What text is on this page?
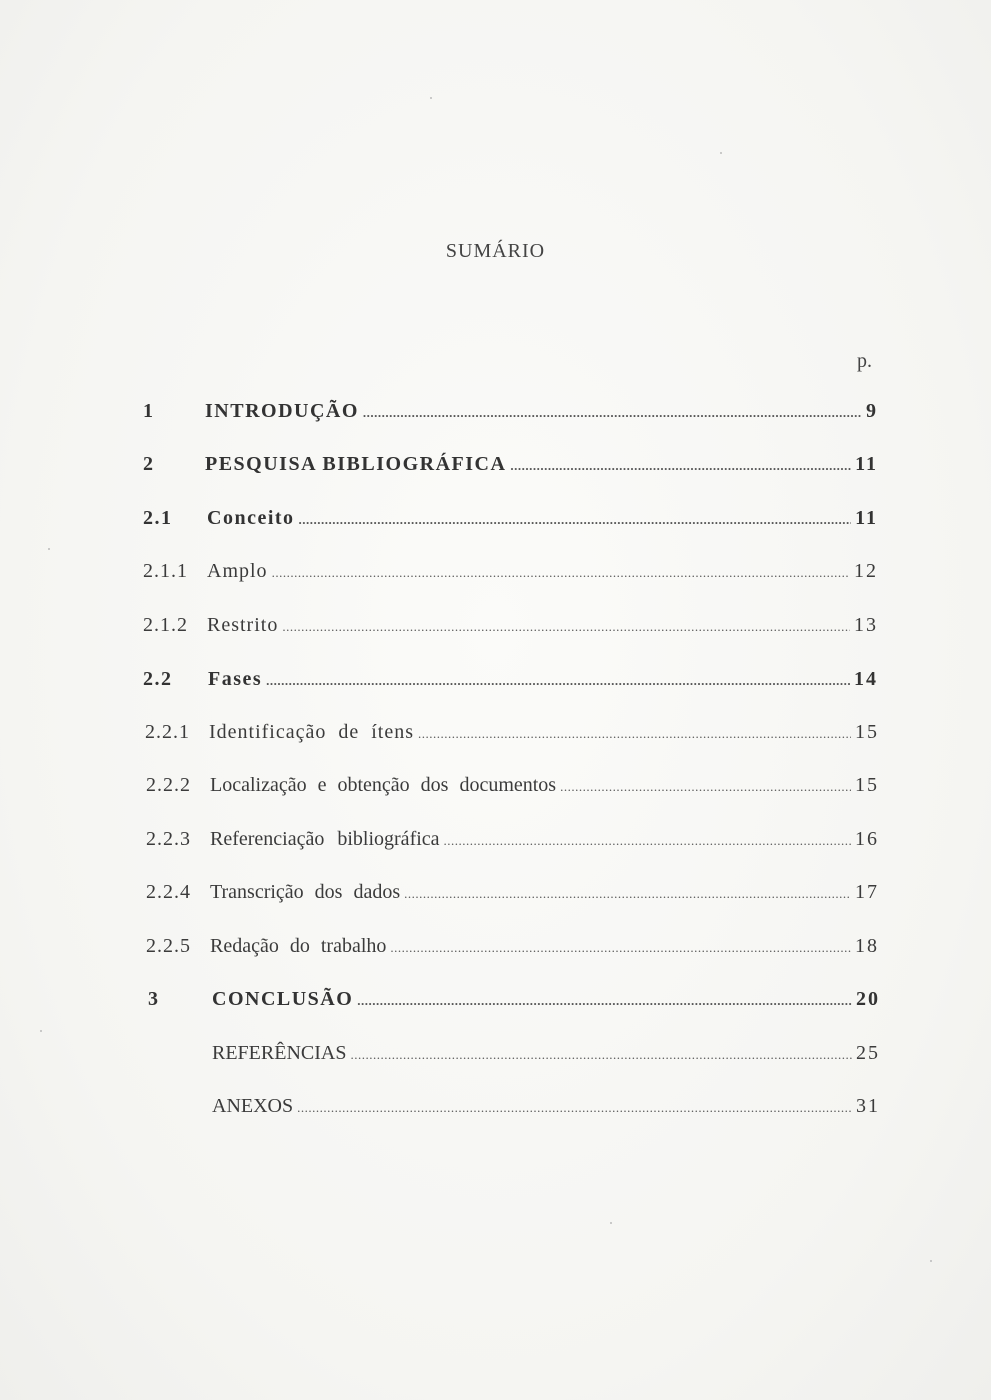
SUMÁRIO
p.
1	INTRODUÇÃO .....	9
2	PESQUISA BIBLIOGRÁFICA .....	11
2.1	Conceito .....	11
2.1.1 Amplo .....	12
2.1.2 Restrito .....	13
2.2	Fases .....	14
2.2.1 Identificação de ítens .....	15
2.2.2 Localização e obtenção dos documentos .....	15
2.2.3 Referenciação bibliográfica .....	16
2.2.4 Transcrição dos dados .....	17
2.2.5 Redação do trabalho .....	18
3	CONCLUSÃO .....	20
REFERÊNCIAS .....	25
ANEXOS .....	31
